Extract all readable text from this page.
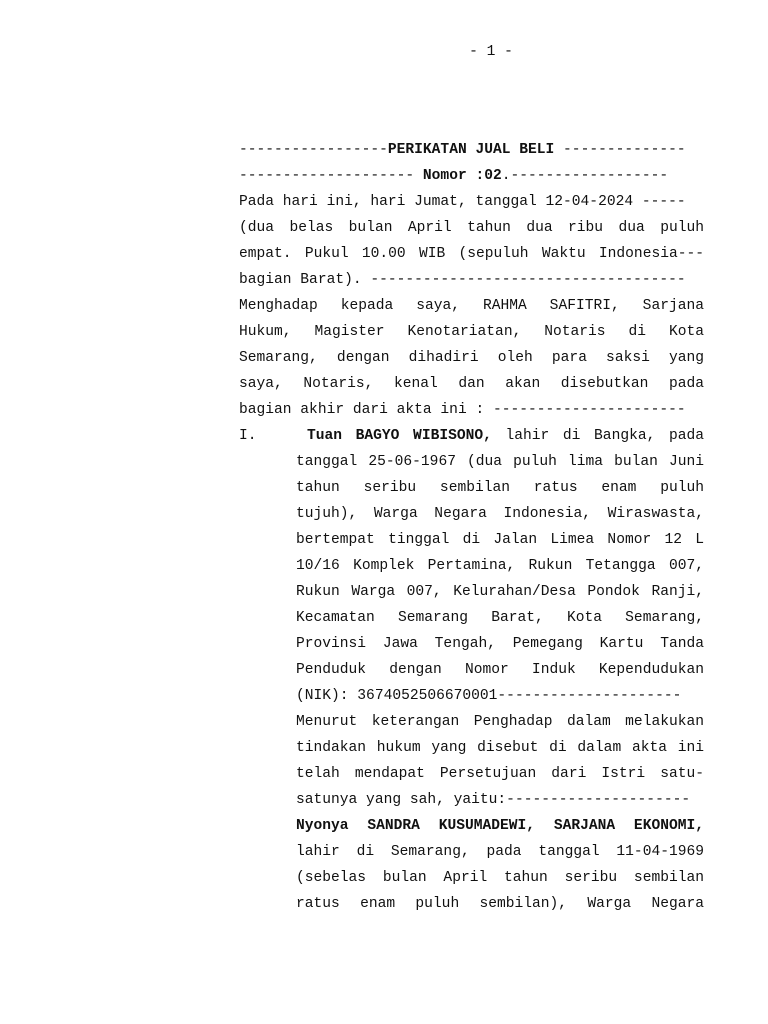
- 1 -
-----------------PERIKATAN JUAL BELI --------------
-------------------- Nomor :02.------------------
Pada hari ini, hari Jumat, tanggal 12-04-2024 -----
(dua belas bulan April tahun dua ribu dua puluh
empat. Pukul 10.00 WIB (sepuluh Waktu Indonesia---
bagian Barat). ------------------------------------
Menghadap kepada saya, RAHMA SAFITRI, Sarjana
Hukum, Magister Kenotariatan, Notaris di Kota
Semarang, dengan dihadiri oleh para saksi yang
saya, Notaris, kenal dan akan disebutkan pada
bagian akhir dari akta ini : ----------------------
I.	Tuan BAGYO WIBISONO, lahir di Bangka, pada
tanggal 25-06-1967 (dua puluh lima bulan Juni
tahun seribu sembilan ratus enam puluh
tujuh), Warga Negara Indonesia, Wiraswasta,
bertempat tinggal di Jalan Limea Nomor 12 L
10/16 Komplek Pertamina, Rukun Tetangga 007,
Rukun Warga 007, Kelurahan/Desa Pondok Ranji,
Kecamatan Semarang Barat, Kota Semarang,
Provinsi Jawa Tengah, Pemegang Kartu Tanda
Penduduk dengan Nomor Induk Kependudukan
(NIK): 3674052506670001---------------------
Menurut keterangan Penghadap dalam melakukan
tindakan hukum yang disebut di dalam akta ini
telah mendapat Persetujuan dari Istri satu-
satunya yang sah, yaitu:---------------------
Nyonya SANDRA KUSUMADEWI, SARJANA EKONOMI,
lahir di Semarang, pada tanggal 11-04-1969
(sebelas bulan April tahun seribu sembilan
ratus enam puluh sembilan), Warga Negara
